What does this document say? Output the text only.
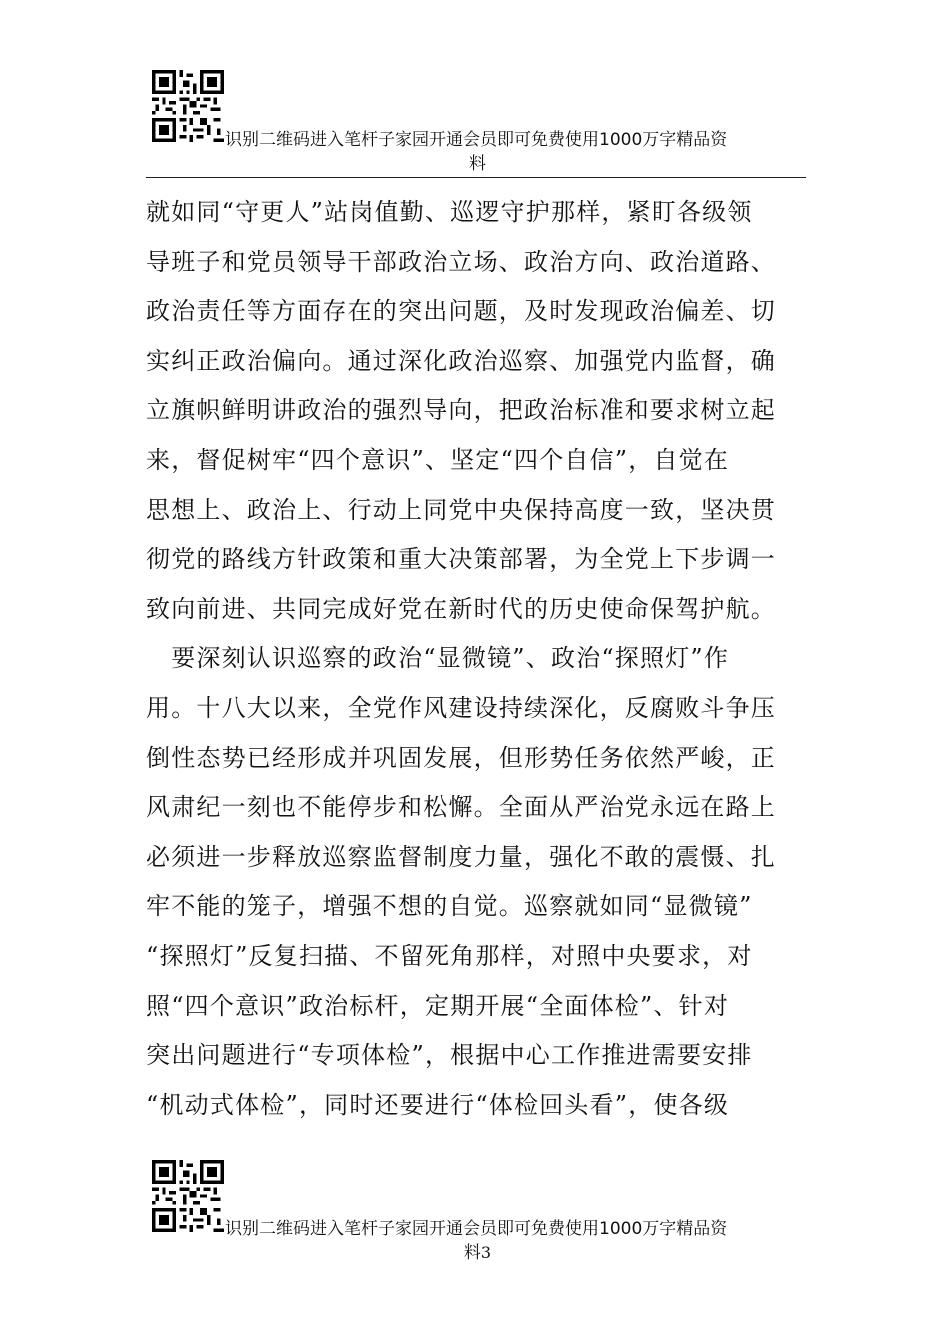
识别二维码进入笔杆子家园开通会员即可免费使用1000万字精品资
料
就如同“守更人”站岗值勤、巡逻守护那样，紧盯各级领
导班子和党员领导干部政治立场、政治方向、政治道路、
政治责任等方面存在的突出问题，及时发现政治偏差、切
实纠正政治偏向。通过深化政治巡察、加强党内监督，确
立旗帜鲜明讲政治的强烈导向，把政治标准和要求树立起
来，督促树牢“四个意识”、坚定“四个自信”，自觉在
思想上、政治上、行动上同党中央保持高度一致，坚决贯
彻党的路线方针政策和重大决策部署，为全党上下步调一
致向前进、共同完成好党在新时代的历史使命保驾护航。
　要深刻认识巡察的政治“显微镜”、政治“探照灯”作
用。十八大以来，全党作风建设持续深化，反腐败斗争压
倒性态势已经形成并巩固发展，但形势任务依然严峻，正
风肃纪一刻也不能停步和松懈。全面从严治党永远在路上
必须进一步释放巡察监督制度力量，强化不敢的震慑、扎
牢不能的笼子，增强不想的自觉。巡察就如同“显微镜”
“探照灯”反复扫描、不留死角那样，对照中央要求，对
照“四个意识”政治标杆，定期开展“全面体检”、针对
突出问题进行“专项体检”，根据中心工作推进需要安排
“机动式体检”，同时还要进行“体检回头看”，使各级
识别二维码进入笔杆子家园开通会员即可免费使用1000万字精品资
料3
